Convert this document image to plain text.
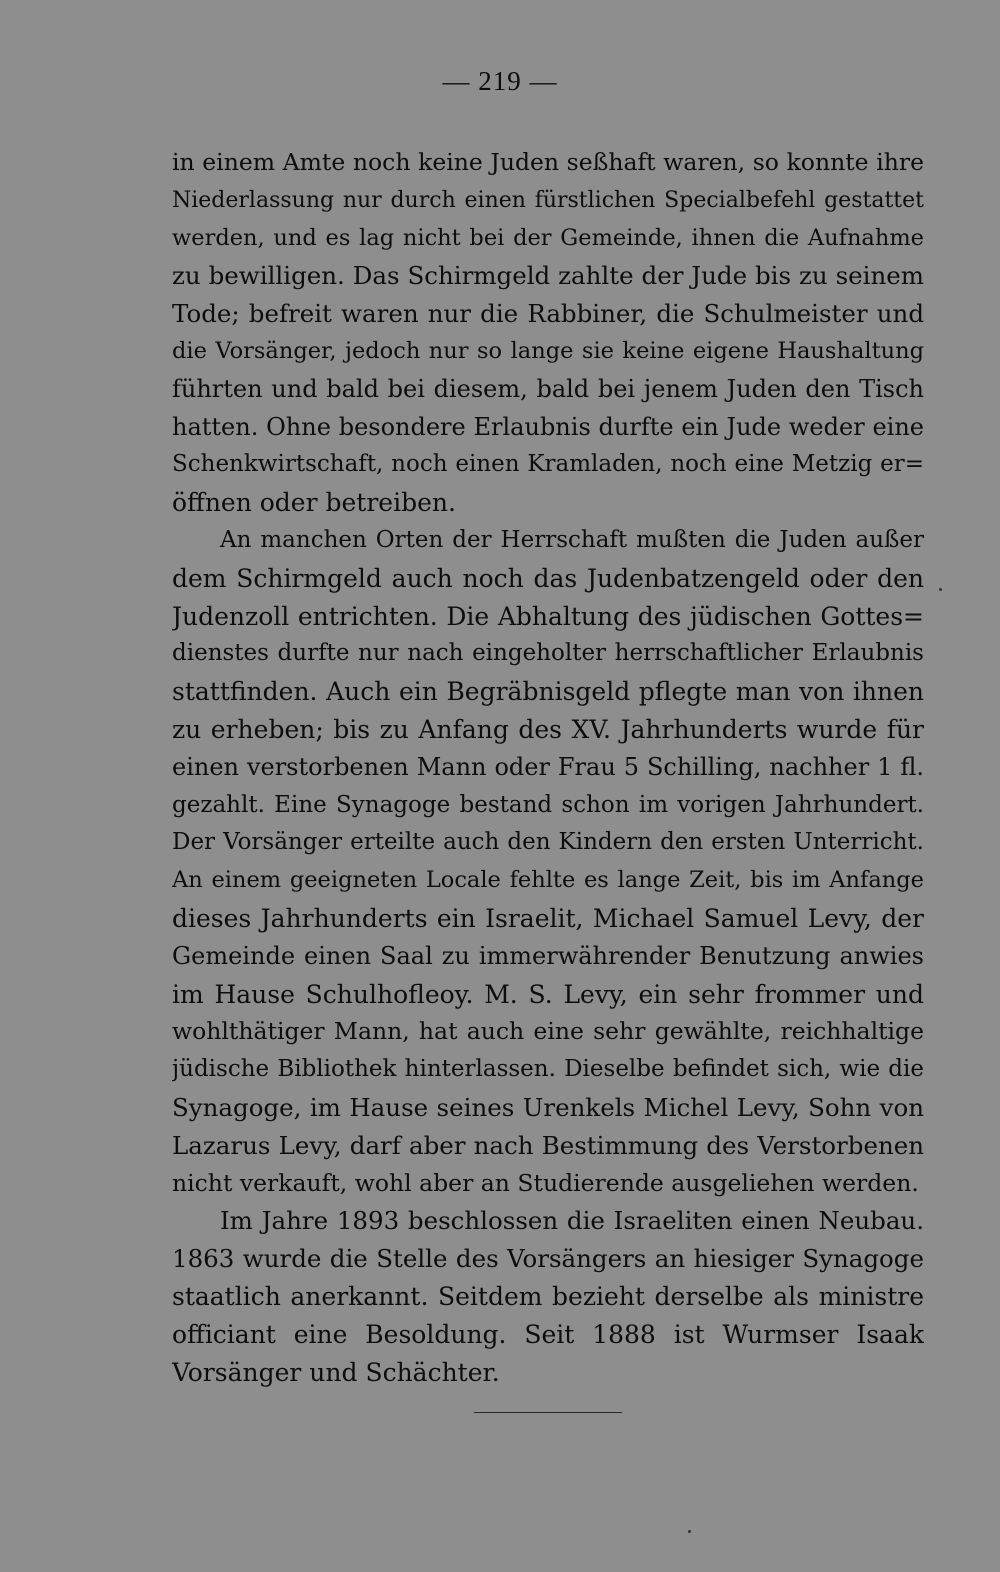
— 219 —
in einem Amte noch keine Juden seßhaft waren, so konnte ihre
Niederlassung nur durch einen fürstlichen Specialbefehl gestattet
werden, und es lag nicht bei der Gemeinde, ihnen die Aufnahme
zu bewilligen. Das Schirmgeld zahlte der Jude bis zu seinem
Tode; befreit waren nur die Rabbiner, die Schulmeister und
die Vorsänger, jedoch nur so lange sie keine eigene Haushaltung
führten und bald bei diesem, bald bei jenem Juden den Tisch
hatten. Ohne besondere Erlaubnis durfte ein Jude weder eine
Schenkwirtschaft, noch einen Kramladen, noch eine Metzig er=
öffnen oder betreiben.
An manchen Orten der Herrschaft mußten die Juden außer
dem Schirmgeld auch noch das Judenbatzengeld oder den
Judenzoll entrichten. Die Abhaltung des jüdischen Gottes=
dienstes durfte nur nach eingeholter herrschaftlicher Erlaubnis
stattfinden. Auch ein Begräbnisgeld pflegte man von ihnen
zu erheben; bis zu Anfang des XV. Jahrhunderts wurde für
einen verstorbenen Mann oder Frau 5 Schilling, nachher 1 fl.
gezahlt. Eine Synagoge bestand schon im vorigen Jahrhundert.
Der Vorsänger erteilte auch den Kindern den ersten Unterricht.
An einem geeigneten Locale fehlte es lange Zeit, bis im Anfange
dieses Jahrhunderts ein Israelit, Michael Samuel Levy, der
Gemeinde einen Saal zu immerwährender Benutzung anwies
im Hause Schulhofleoy. M. S. Levy, ein sehr frommer und
wohlthätiger Mann, hat auch eine sehr gewählte, reichhaltige
jüdische Bibliothek hinterlassen. Dieselbe befindet sich, wie die
Synagoge, im Hause seines Urenkels Michel Levy, Sohn von
Lazarus Levy, darf aber nach Bestimmung des Verstorbenen
nicht verkauft, wohl aber an Studierende ausgeliehen werden.
Im Jahre 1893 beschlossen die Israeliten einen Neubau.
1863 wurde die Stelle des Vorsängers an hiesiger Synagoge
staatlich anerkannt. Seitdem bezieht derselbe als ministre
officiant eine Besoldung. Seit 1888 ist Wurmser Isaak
Vorsänger und Schächter.
